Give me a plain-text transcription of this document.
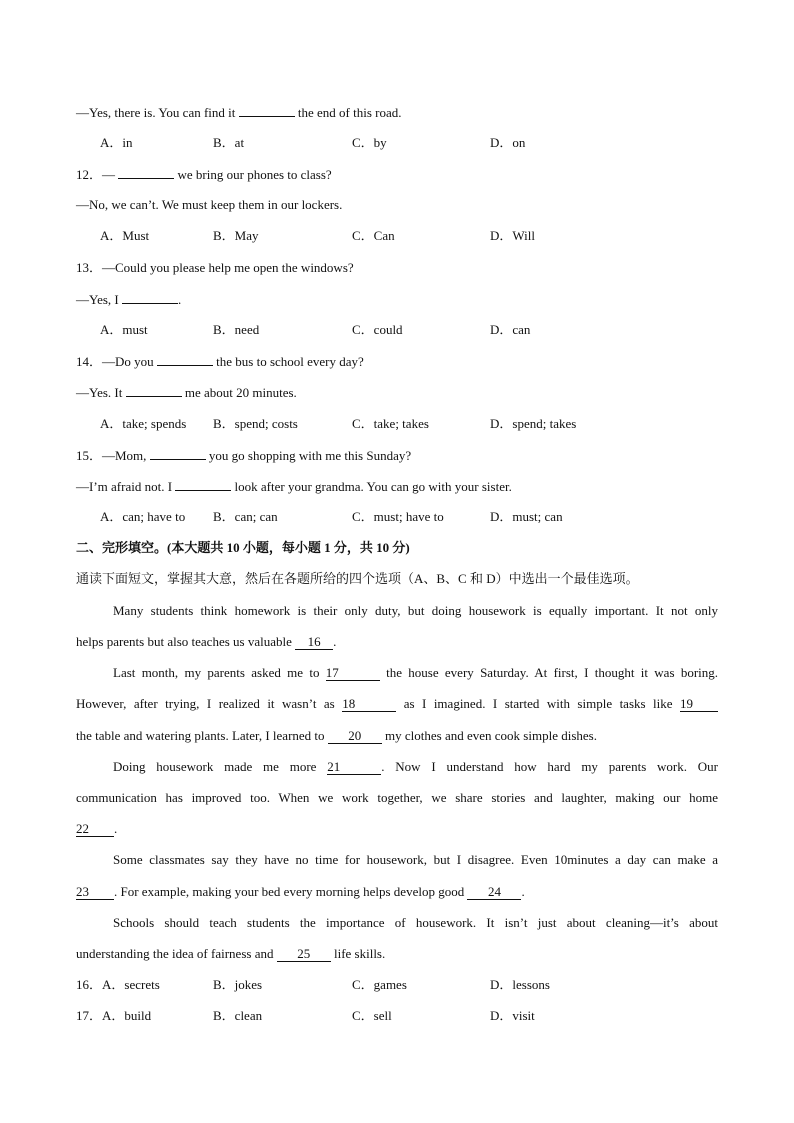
—Yes, there is. You can find it	the end of this road.
A．in	B．at	C．by	D．on
12．—	we bring our phones to class?
—No, we can’t. We must keep them in our lockers.
A．Must	B．May	C．Can	D．Will
13．—Could you please help me open the windows?
—Yes, I	.
A．must	B．need	C．could	D．can
14．—Do you	the bus to school every day?
—Yes. It	me about 20 minutes.
A．take; spends B．spend; costs	C．take; takes	D．spend; takes
15．—Mom,	you go shopping with me this Sunday?
—I’m afraid not. I	look after your grandma. You can go with your sister.
A．can; have to B．can; can	C．must; have to	D．must; can
二、完形填空。(本大题共 10 小题，每小题 1 分，共 10 分)
通读下面短文，掌握其大意，然后在各题所给的四个选项（A、B、C 和 D）中选出一个最佳选项。
Many students think homework is their only duty, but doing housework is equally important. It not only
helps parents but also teaches us valuable 16 .
Last month, my parents asked me to 17	the house every Saturday. At first, I thought it was boring.
However, after trying, I realized it wasn’t as 18	as I imagined. I started with simple tasks like 19
the table and watering plants. Later, I learned to 20 my clothes and even cook simple dishes.
Doing housework made me more 21	. Now I understand how hard my parents work. Our
communication has improved too. When we work together, we share stories and laughter, making our home
22 .
Some classmates say they have no time for housework, but I disagree. Even 10minutes a day can make a
23 . For example, making your bed every morning helps develop good 24 .
Schools should teach students the importance of housework. It isn’t just about cleaning—it’s about
understanding the idea of fairness and 25 life skills.
16．A．secrets	B．jokes	C．games	D．lessons
17．A．build	B．clean	C．sell	D．visit
